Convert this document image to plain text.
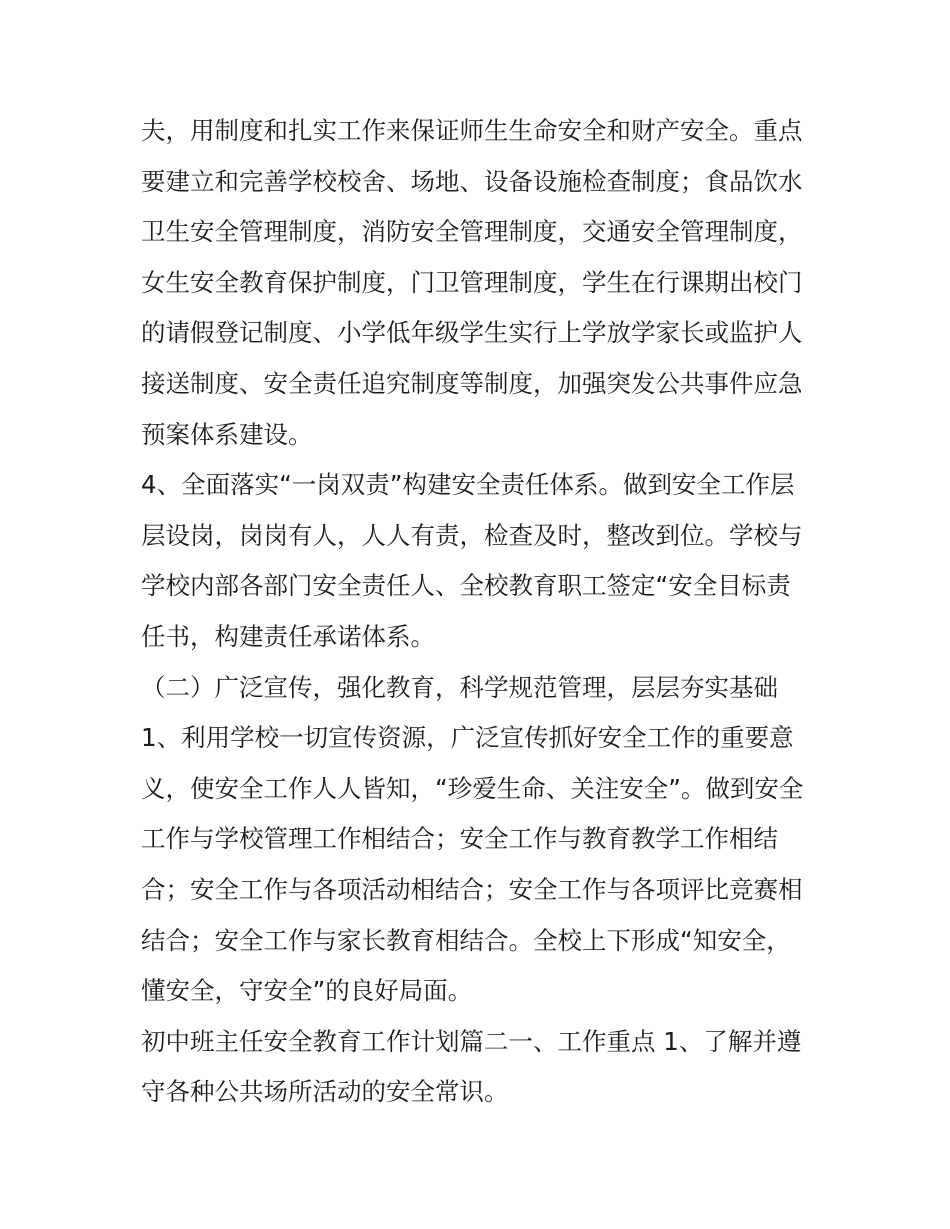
夫，用制度和扎实工作来保证师生生命安全和财产安全。重点
要建立和完善学校校舍、场地、设备设施检查制度；食品饮水
卫生安全管理制度，消防安全管理制度，交通安全管理制度，
女生安全教育保护制度，门卫管理制度，学生在行课期出校门
的请假登记制度、小学低年级学生实行上学放学家长或监护人
接送制度、安全责任追究制度等制度，加强突发公共事件应急
预案体系建设。
4、全面落实“一岗双责”构建安全责任体系。做到安全工作层
层设岗，岗岗有人，人人有责，检查及时，整改到位。学校与
学校内部各部门安全责任人、全校教育职工签定“安全目标责
任书，构建责任承诺体系。
（二）广泛宣传，强化教育，科学规范管理，层层夯实基础
1、利用学校一切宣传资源，广泛宣传抓好安全工作的重要意
义，使安全工作人人皆知，“珍爱生命、关注安全”。做到安全
工作与学校管理工作相结合；安全工作与教育教学工作相结
合；安全工作与各项活动相结合；安全工作与各项评比竞赛相
结合；安全工作与家长教育相结合。全校上下形成“知安全，
懂安全，守安全”的良好局面。
初中班主任安全教育工作计划篇二一、工作重点 1、了解并遵
守各种公共场所活动的安全常识。
